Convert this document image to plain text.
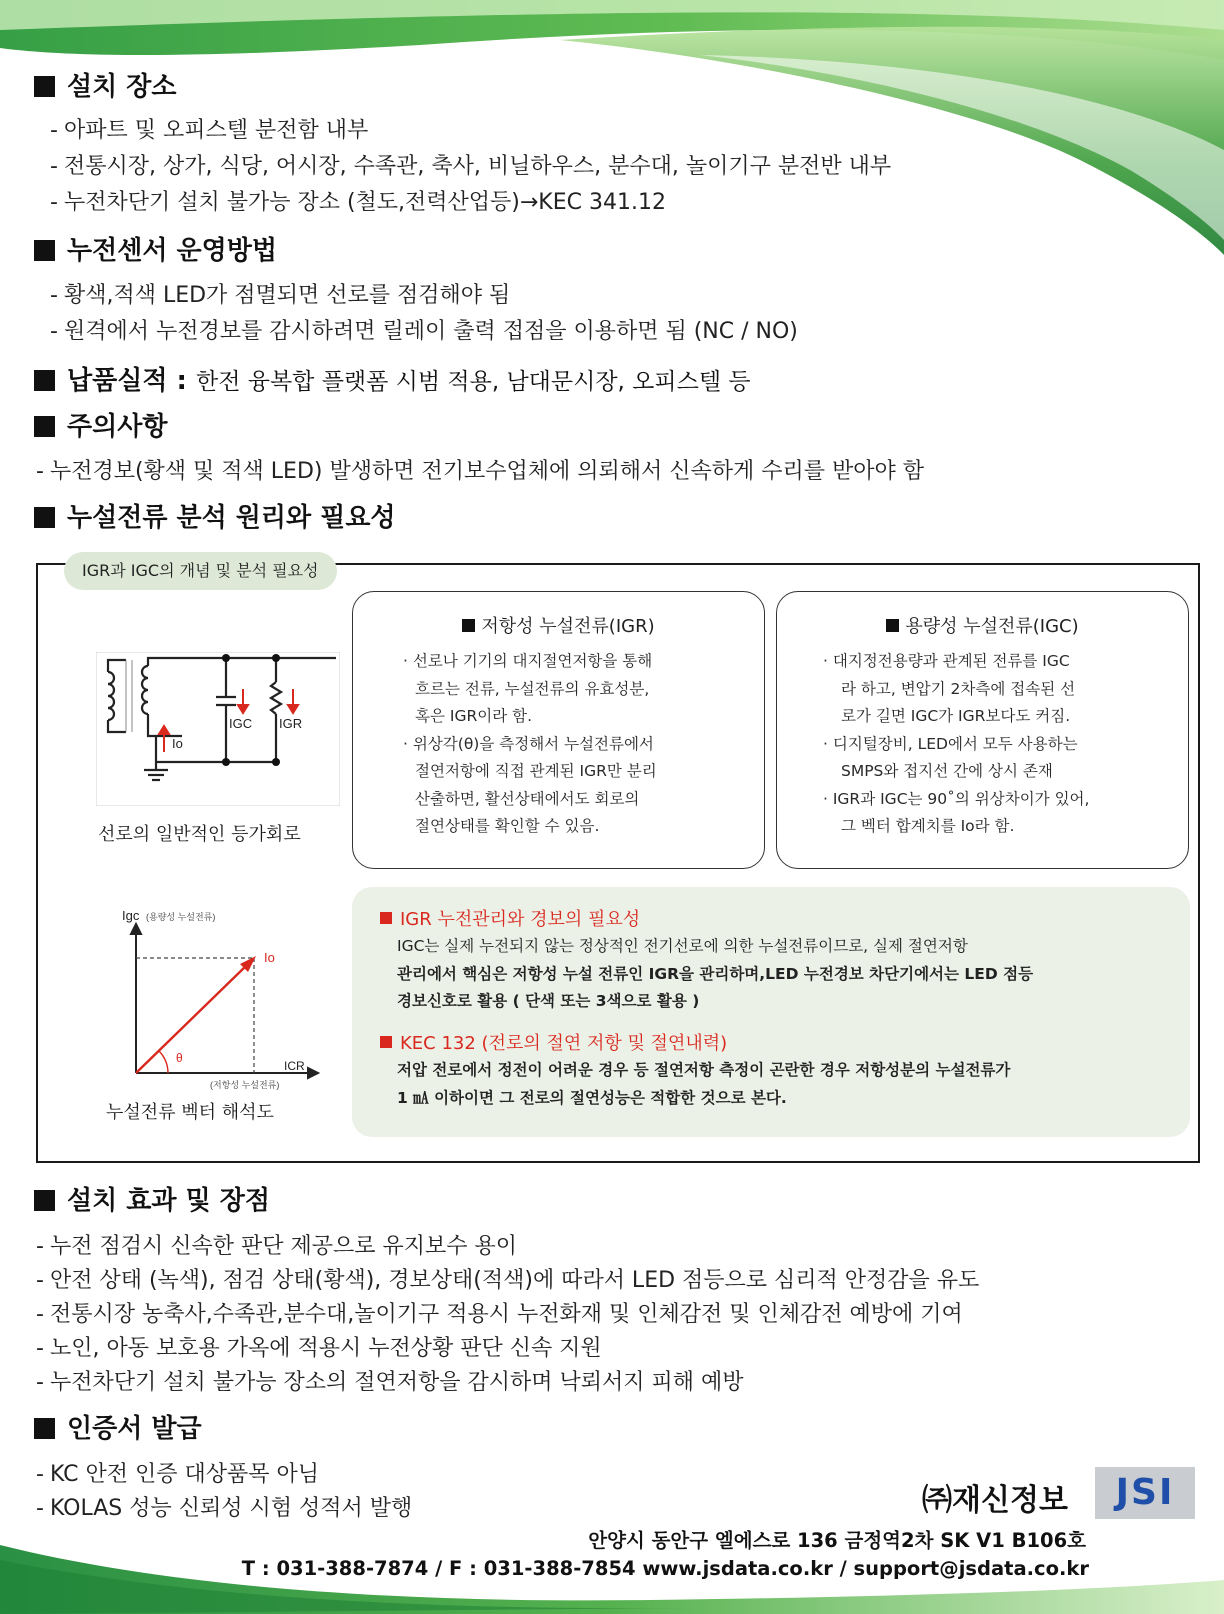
설치 장소
- 아파트 및 오피스텔 분전함 내부
- 전통시장, 상가, 식당, 어시장, 수족관, 축사, 비닐하우스, 분수대, 놀이기구 분전반 내부
- 누전차단기 설치 불가능 장소 (철도,전력산업등)→KEC 341.12
누전센서 운영방법
- 황색,적색 LED가 점멸되면 선로를 점검해야 됨
- 원격에서 누전경보를 감시하려면 릴레이 출력 접점을 이용하면 됨 (NC / NO)
납품실적 : 한전 융복합 플랫폼 시범 적용, 남대문시장, 오피스텔 등
주의사항
- 누전경보(황색 및 적색 LED) 발생하면 전기보수업체에 의뢰해서 신속하게 수리를 받아야 함
누설전류 분석 원리와 필요성
IGR과 IGC의 개념 및 분석 필요성
IGC IGR
Io
선로의 일반적인 등가회로
저항성 누설전류(IGR)
· 선로나 기기의 대지절연저항을 통해
흐르는 전류, 누설전류의 유효성분,
혹은 IGR이라 함.
· 위상각(θ)을 측정해서 누설전류에서
절연저항에 직접 관계된 IGR만 분리
산출하면, 활선상태에서도 회로의
절연상태를 확인할 수 있음.
용량성 누설전류(IGC)
· 대지정전용량과 관계된 전류를 IGC
라 하고, 변압기 2차측에 접속된 선
로가 길면 IGC가 IGR보다도 커짐.
· 디지털장비, LED에서 모두 사용하는
SMPS와 접지선 간에 상시 존재
· IGR과 IGC는 90˚의 위상차이가 있어,
그 벡터 합계치를 Io라 함.
θ
Io
Igc (용량성 누설전류)
ICR
(저항성 누설전류)
누설전류 벡터 해석도
IGR 누전관리와 경보의 필요성
IGC는 실제 누전되지 않는 정상적인 전기선로에 의한 누설전류이므로, 실제 절연저항
관리에서 핵심은 저항성 누설 전류인 IGR을 관리하며,LED 누전경보 차단기에서는 LED 점등
경보신호로 활용 ( 단색 또는 3색으로 활용 )
KEC 132 (전로의 절연 저항 및 절연내력)
저압 전로에서 정전이 어려운 경우 등 절연저항 측정이 곤란한 경우 저항성분의 누설전류가
1 ㎃ 이하이면 그 전로의 절연성능은 적합한 것으로 본다.
설치 효과 및 장점
- 누전 점검시 신속한 판단 제공으로 유지보수 용이
- 안전 상태 (녹색), 점검 상태(황색), 경보상태(적색)에 따라서 LED 점등으로 심리적 안정감을 유도
- 전통시장 농축사,수족관,분수대,놀이기구 적용시 누전화재 및 인체감전 및 인체감전 예방에 기여
- 노인, 아동 보호용 가옥에 적용시 누전상황 판단 신속 지원
- 누전차단기 설치 불가능 장소의 절연저항을 감시하며 낙뢰서지 피해 예방
인증서 발급
- KC 안전 인증 대상품목 아님
- KOLAS 성능 신뢰성 시험 성적서 발행	㈜재신정보	JSI
안양시 동안구 엘에스로 136 금정역2차 SK V1 B106호
T : 031-388-7874 / F : 031-388-7854 www.jsdata.co.kr / support@jsdata.co.kr
